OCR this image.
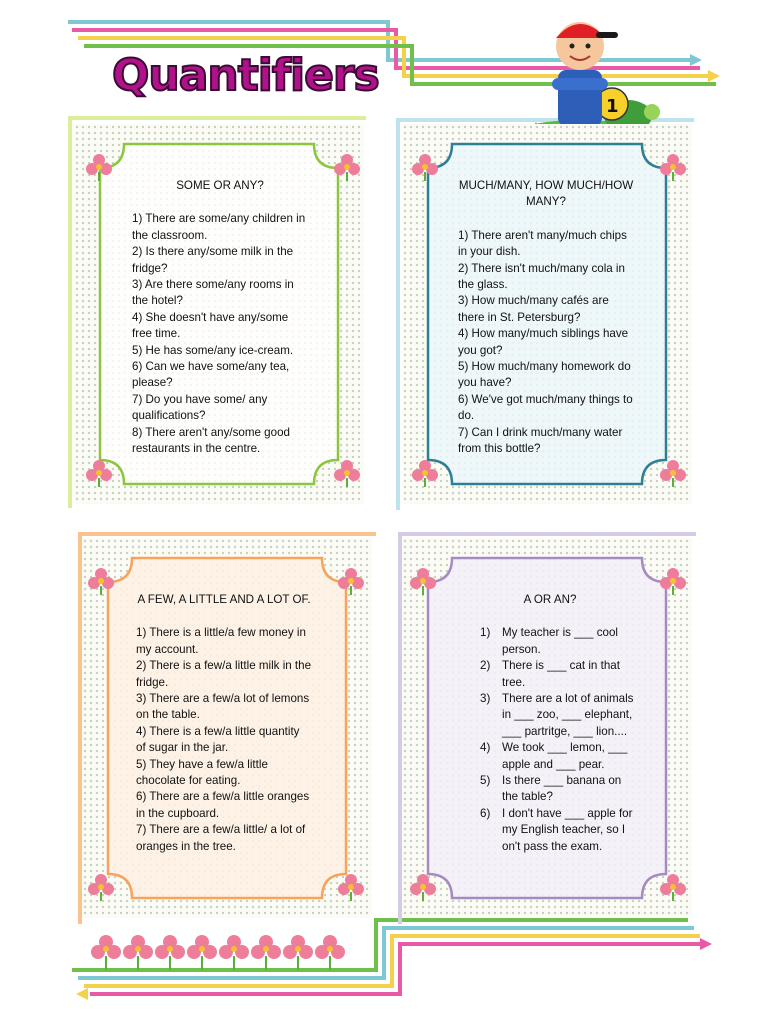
Quantifiers
1

SOME OR ANY?

1) There are some/any children in the classroom.

2) Is there any/some milk in the fridge?

3) Are there some/any rooms in the hotel?

4) She doesn't have any/some free time.

5) He has some/any ice-cream.

6) Can we have some/any tea, please?

7) Do you have some/ any qualifications?

8) There aren't any/some good restaurants in the centre.

MUCH/MANY, HOW MUCH/HOW MANY?

1) There aren't many/much chips in your dish.

2) There isn't much/many cola in the glass.

3) How much/many cafés are there in St. Petersburg?

4) How many/much siblings have you got?

5) How much/many homework do you have?

6) We've got much/many things to do.

7) Can I drink much/many water from this bottle?

A FEW, A LITTLE AND A LOT OF.

1) There is a little/a few money in my account.

2) There is a few/a little milk in the fridge.

3) There are a few/a lot of lemons on the table.

4) There is a few/a little quantity of sugar in the jar.

5) They have a few/a little chocolate for eating.

6) There are a few/a little oranges in the cupboard.

7) There are a few/a little/ a lot of oranges in the tree.

A OR AN?

1) My teacher is ___ cool person.
2) There is ___ cat in that tree.
3) There are a lot of animals in ___ zoo, ___ elephant, ___ partritge, ___ lion....
4) We took ___ lemon, ___ apple and ___ pear.
5) Is there ___ banana on the table?
6) I don't have ___ apple for my English teacher, so I on't pass the exam.
